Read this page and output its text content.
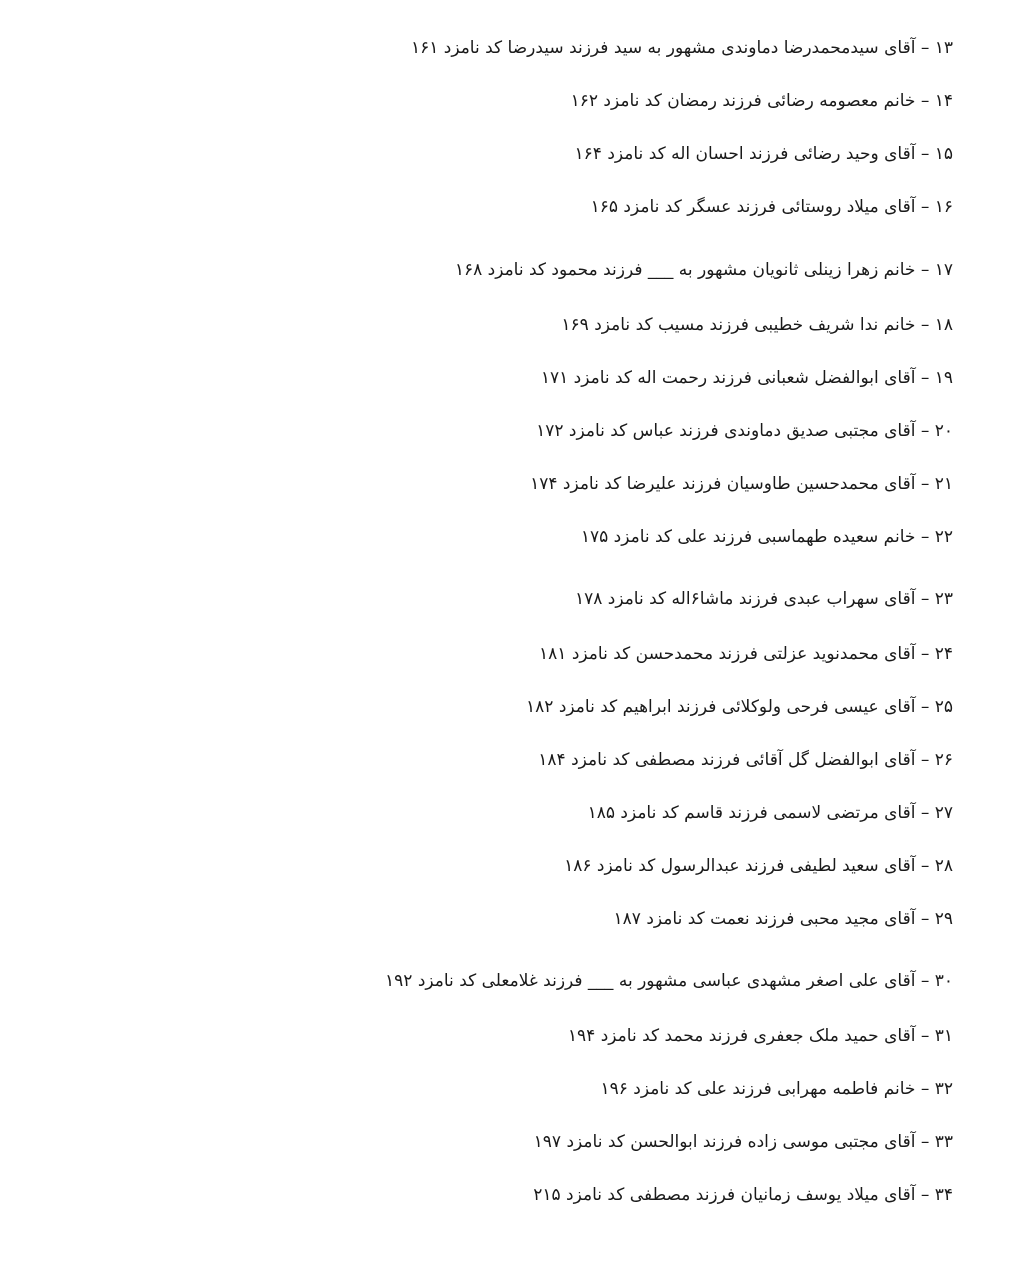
۱۳ – آقای سیدمحمدرضا دماوندی مشهور به سید فرزند سیدرضا کد نامزد ۱۶۱
۱۴ – خانم معصومه رضائی فرزند رمضان کد نامزد ۱۶۲
۱۵ – آقای وحید رضائی فرزند احسان اله کد نامزد ۱۶۴
۱۶ – آقای میلاد روستائی فرزند عسگر کد نامزد ۱۶۵
۱۷ – خانم زهرا زینلی ثانویان مشهور به ___ فرزند محمود کد نامزد ۱۶۸
۱۸ – خانم ندا شریف خطیبی فرزند مسیب کد نامزد ۱۶۹
۱۹ – آقای ابوالفضل شعبانی فرزند رحمت اله کد نامزد ۱۷۱
۲۰ – آقای مجتبی صدیق دماوندی فرزند عباس کد نامزد ۱۷۲
۲۱ – آقای محمدحسین طاوسیان فرزند علیرضا کد نامزد ۱۷۴
۲۲ – خانم سعیده طهماسبی فرزند علی کد نامزد ۱۷۵
۲۳ – آقای سهراب عبدی فرزند ماشا۶اله کد نامزد ۱۷۸
۲۴ – آقای محمدنوید عزلتی فرزند محمدحسن کد نامزد ۱۸۱
۲۵ – آقای عیسی فرحی ولوکلائی فرزند ابراهیم کد نامزد ۱۸۲
۲۶ – آقای ابوالفضل گل آقائی فرزند مصطفی کد نامزد ۱۸۴
۲۷ – آقای مرتضی لاسمی فرزند قاسم کد نامزد ۱۸۵
۲۸ – آقای سعید لطیفی فرزند عبدالرسول کد نامزد ۱۸۶
۲۹ – آقای مجید محبی فرزند نعمت کد نامزد ۱۸۷
۳۰ – آقای علی اصغر مشهدی عباسی مشهور به ___ فرزند غلامعلی کد نامزد ۱۹۲
۳۱ – آقای حمید ملک جعفری فرزند محمد کد نامزد ۱۹۴
۳۲ – خانم فاطمه مهرابی فرزند علی کد نامزد ۱۹۶
۳۳ – آقای مجتبی موسی زاده فرزند ابوالحسن کد نامزد ۱۹۷
۳۴ – آقای میلاد یوسف زمانیان فرزند مصطفی کد نامزد ۲۱۵
